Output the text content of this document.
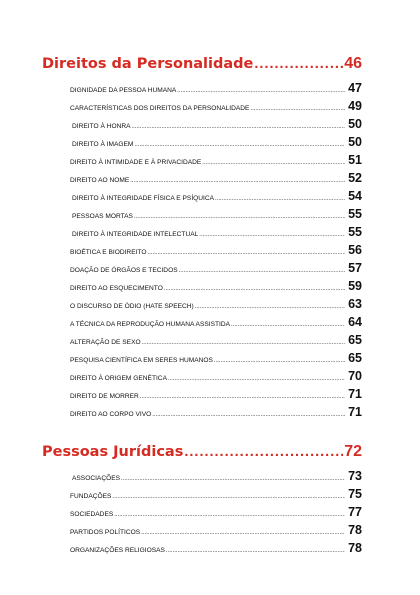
Direitos da Personalidade .....	46
DIGNIDADE DA PESSOA HUMANA .....	47
CARACTERÍSTICAS DOS DIREITOS DA PERSONALIDADE .....	49
DIREITO À HONRA .....	50
DIREITO À IMAGEM .....	50
DIREITO À INTIMIDADE E À PRIVACIDADE .....	51
DIREITO AO NOME .....	52
DIREITO À INTEGRIDADE FÍSICA E PSÍQUICA .....	54
PESSOAS MORTAS .....	55
DIREITO À INTEGRIDADE INTELECTUAL .....	55
BIOÉTICA E BIODIREITO .....	56
DOAÇÃO DE ÓRGÃOS E TECIDOS .....	57
DIREITO AO ESQUECIMENTO .....	59
O DISCURSO DE ÓDIO (HATE SPEECH) .....	63
A TÉCNICA DA REPRODUÇÃO HUMANA ASSISTIDA .....	64
ALTERAÇÃO DE SEXO .....	65
PESQUISA CIENTÍFICA EM SERES HUMANOS .....	65
DIREITO À ORIGEM GENÉTICA .....	70
DIREITO DE MORRER .....	71
DIREITO AO CORPO VIVO .....	71
Pessoas Jurídicas .....	72
ASSOCIAÇÕES .....	73
FUNDAÇÕES .....	75
SOCIEDADES .....	77
PARTIDOS POLÍTICOS .....	78
ORGANIZAÇÕES RELIGIOSAS .....	78
